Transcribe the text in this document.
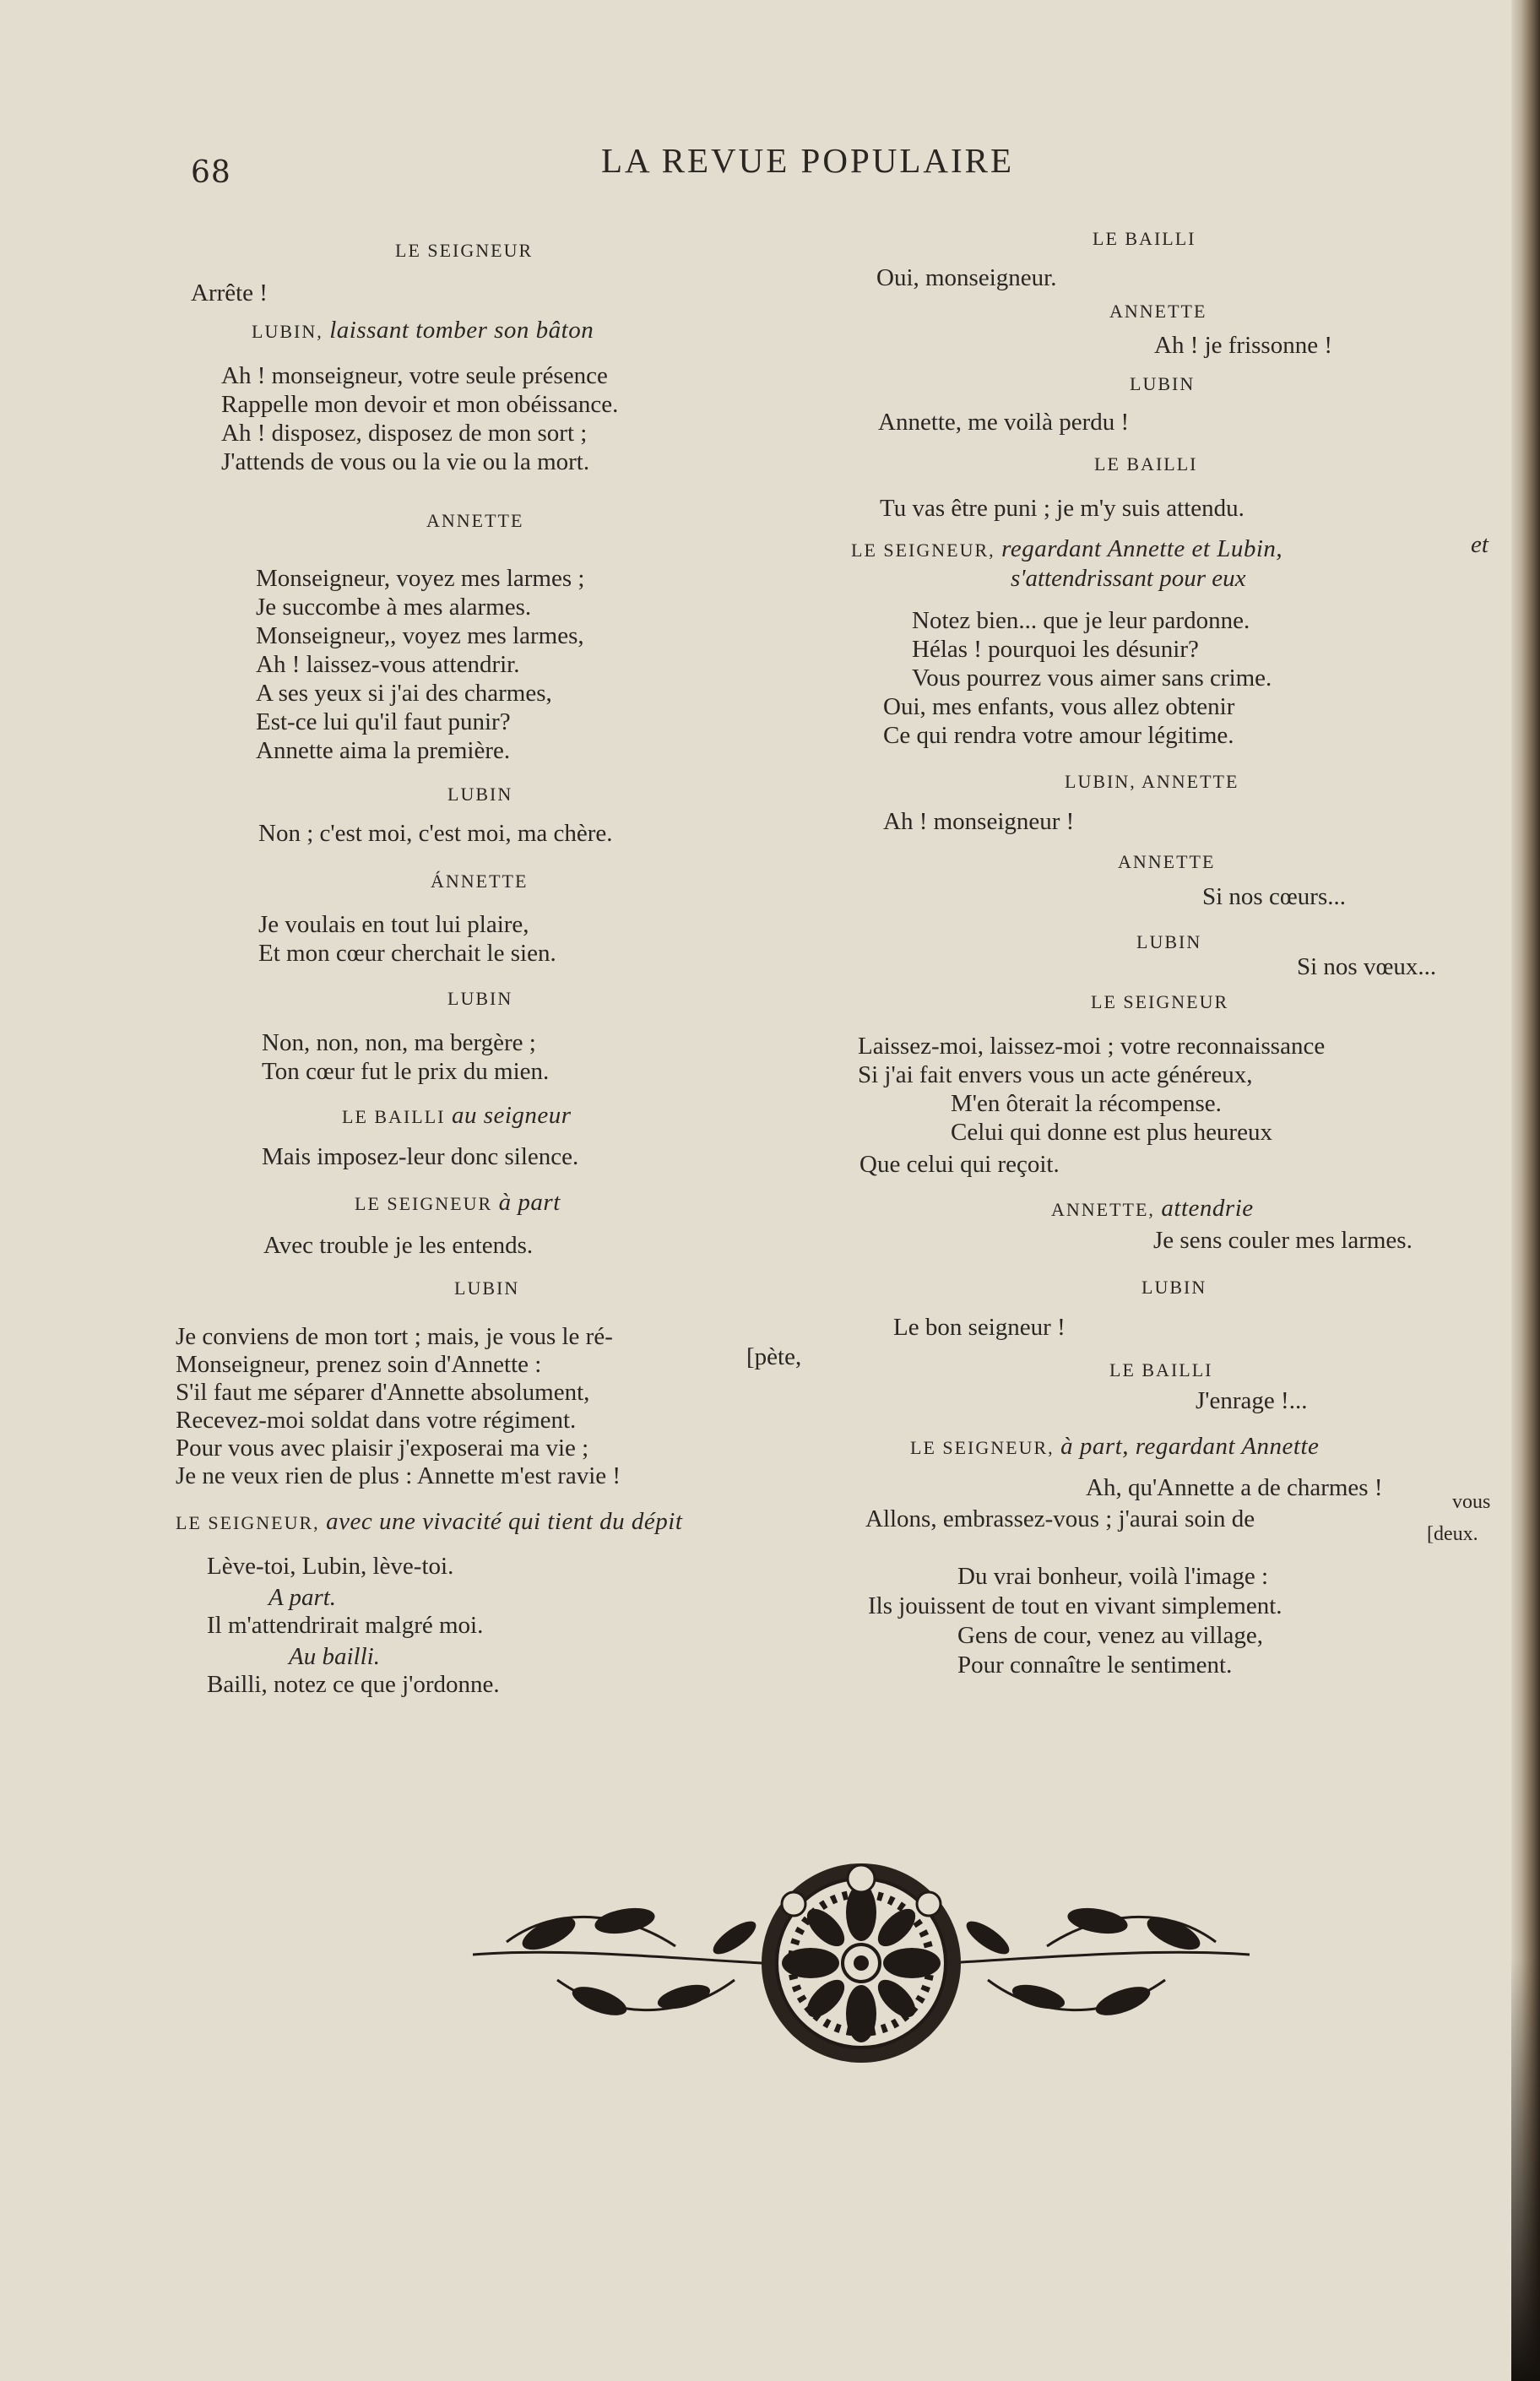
68	LA REVUE POPULAIRE
LE SEIGNEUR
Arrête !
LUBIN, laissant tomber son bâton
Ah ! monseigneur, votre seule présence
Rappelle mon devoir et mon obéissance.
Ah ! disposez, disposez de mon sort ;
J'attends de vous ou la vie ou la mort.
ANNETTE
Monseigneur, voyez mes larmes ;
Je succombe à mes alarmes.
Monseigneur,, voyez mes larmes,
Ah ! laissez-vous attendrir.
A ses yeux si j'ai des charmes,
Est-ce lui qu'il faut punir?
Annette aima la première.
LUBIN
Non ; c'est moi, c'est moi, ma chère.
ÁNNETTE
Je voulais en tout lui plaire,
Et mon cœur cherchait le sien.
LUBIN
Non, non, non, ma bergère ;
Ton cœur fut le prix du mien.
LE BAILLI au seigneur
Mais imposez-leur donc silence.
LE SEIGNEUR à part
Avec trouble je les entends.
LUBIN
Je conviens de mon tort ; mais, je vous le ré-
Monseigneur, prenez soin d'Annette :	[pète,
S'il faut me séparer d'Annette absolument,
Recevez-moi soldat dans votre régiment.
Pour vous avec plaisir j'exposerai ma vie ;
Je ne veux rien de plus : Annette m'est ravie !
LE SEIGNEUR, avec une vivacité qui tient du dépit
Lève-toi, Lubin, lève-toi.
A part.
Il m'attendrirait malgré moi.
Au bailli.
Bailli, notez ce que j'ordonne.
LE BAILLI
Oui, monseigneur.
ANNETTE
Ah ! je frissonne !
LUBIN
Annette, me voilà perdu !
LE BAILLI
Tu vas être puni ; je m'y suis attendu.
LE SEIGNEUR, regardant Annette et Lubin,	et
s'attendrissant pour eux
Notez bien... que je leur pardonne.
Hélas ! pourquoi les désunir?
Vous pourrez vous aimer sans crime.
Oui, mes enfants, vous allez obtenir
Ce qui rendra votre amour légitime.
LUBIN, ANNETTE
Ah ! monseigneur !
ANNETTE
Si nos cœurs...
LUBIN
Si nos vœux...
LE SEIGNEUR
Laissez-moi, laissez-moi ; votre reconnaissance
Si j'ai fait envers vous un acte généreux,
M'en ôterait la récompense.
Celui qui donne est plus heureux
Que celui qui reçoit.
ANNETTE, attendrie
Je sens couler mes larmes.
LUBIN
Le bon seigneur !
LE BAILLI
J'enrage !...
LE SEIGNEUR, à part, regardant Annette
Ah, qu'Annette a de charmes !
Allons, embrassez-vous ; j'aurai soin de
vous
[deux.
Du vrai bonheur, voilà l'image :
Ils jouissent de tout en vivant simplement.
Gens de cour, venez au village,
Pour connaître le sentiment.
